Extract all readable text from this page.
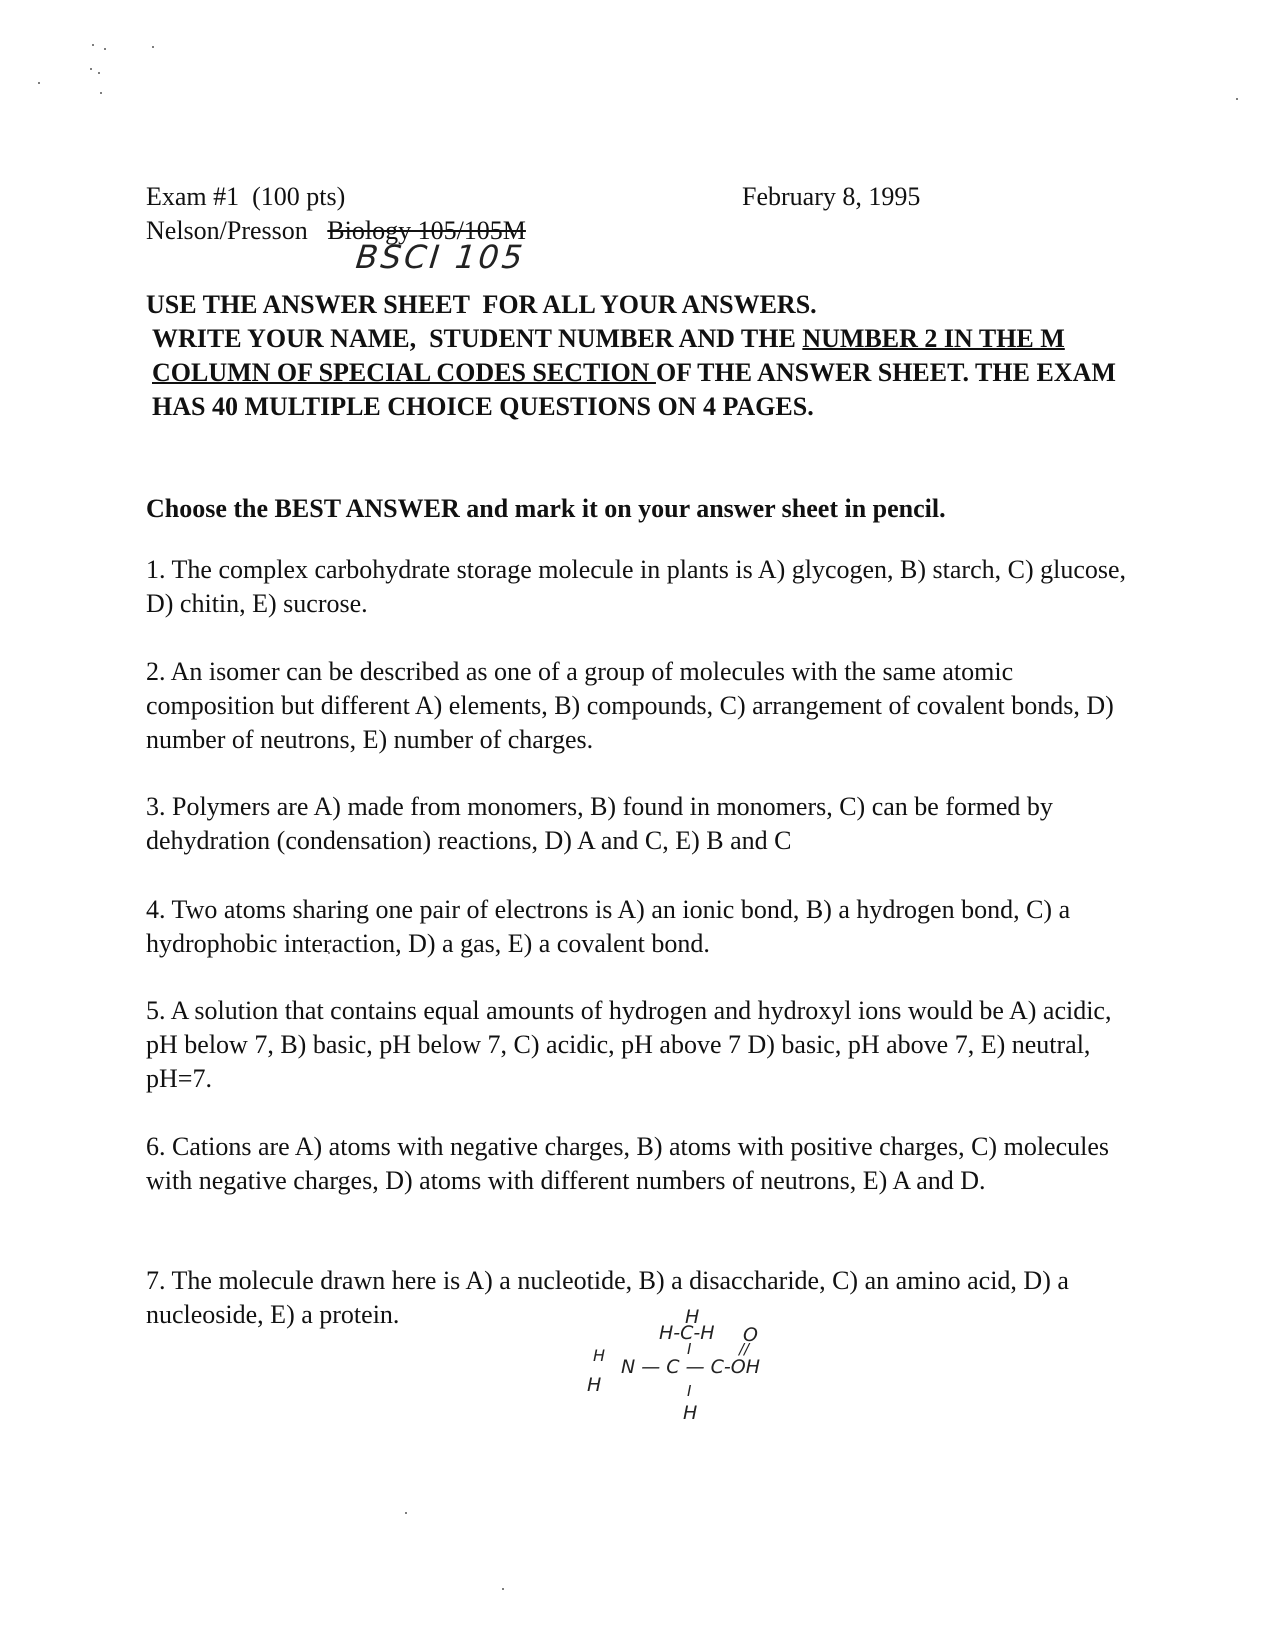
Exam #1  (100 pts)
Nelson/Presson Biology 105/105M
February 8, 1995
BSCI 105
USE THE ANSWER SHEET  FOR ALL YOUR ANSWERS.
WRITE YOUR NAME,  STUDENT NUMBER AND THE NUMBER 2 IN THE M COLUMN OF SPECIAL CODES SECTION OF THE ANSWER SHEET. THE EXAM HAS 40 MULTIPLE CHOICE QUESTIONS ON 4 PAGES.
Choose the BEST ANSWER and mark it on your answer sheet in pencil.
1. The complex carbohydrate storage molecule in plants is A) glycogen, B) starch, C) glucose, D) chitin, E) sucrose.
2. An isomer can be described as one of a group of molecules with the same atomic composition but different A) elements, B) compounds, C) arrangement of covalent bonds, D) number of neutrons, E) number of charges.
3. Polymers are A) made from monomers, B) found in monomers, C) can be formed by dehydration (condensation) reactions, D) A and C, E) B and C
4. Two atoms sharing one pair of electrons is A) an ionic bond, B) a hydrogen bond, C) a hydrophobic interaction, D) a gas, E) a covalent bond.
5. A solution that contains equal amounts of hydrogen and hydroxyl ions would be A) acidic, pH below 7, B) basic, pH below 7, C) acidic, pH above 7 D) basic, pH above 7, E) neutral, pH=7.
6. Cations are A) atoms with negative charges, B) atoms with positive charges, C) molecules with negative charges, D) atoms with different numbers of neutrons, E) A and D.
7. The molecule drawn here is A) a nucleotide, B) a disaccharide, C) an amino acid, D) a nucleoside, E) a protein.	H
H-C-H O
//
I
H
N — C — C-OH
H	I
H
